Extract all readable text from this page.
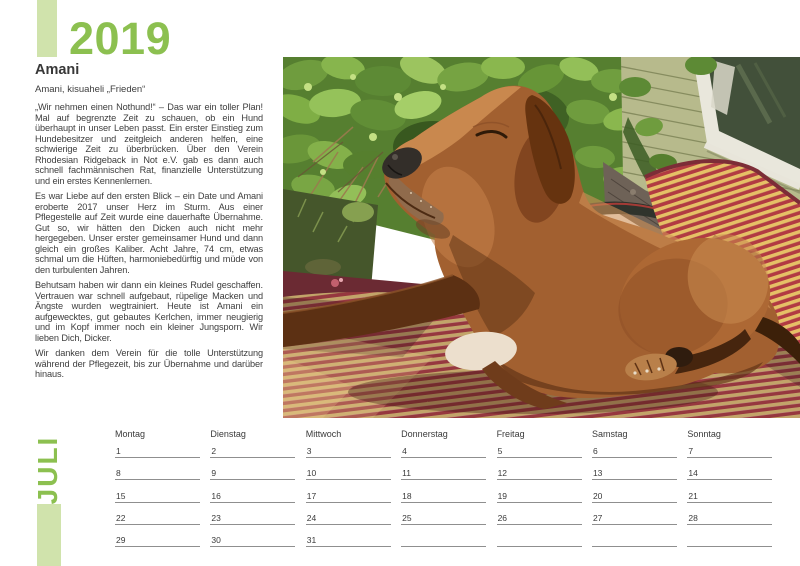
2019
Amani
Amani, kisuaheli „Frieden“

„Wir nehmen einen Nothund!“ – Das war ein toller Plan! Mal auf begrenzte Zeit zu schauen, ob ein Hund überhaupt in unser Leben passt. Ein erster Einstieg zum Hundebesitzer und zeitgleich anderen helfen, eine schwierige Zeit zu überbrücken. Über den Verein Rhodesian Ridgeback in Not e.V. gab es dann auch schnell fachmännischen Rat, finanzielle Unterstützung und ein erstes Kennenlernen.

Es war Liebe auf den ersten Blick – ein Date und Amani eroberte 2017 unser Herz im Sturm. Aus einer Pflegestelle auf Zeit wurde eine dauerhafte Übernahme. Gut so, wir hätten den Dicken auch nicht mehr hergegeben. Unser erster gemeinsamer Hund und dann gleich ein großes Kaliber. Acht Jahre, 74 cm, etwas schmal um die Hüften, harmoniebedürftig und müde von den turbulenten Jahren.

Behutsam haben wir dann ein kleines Rudel geschaffen. Vertrauen war schnell aufgebaut, rüpelige Macken und Ängste wurden wegtrainiert. Heute ist Amani ein aufgewecktes, gut gebautes Kerlchen, immer neugierig und im Kopf immer noch ein kleiner Jungsporn. Wir lieben Dich, Dicker.

Wir danken dem Verein für die tolle Unterstützung während der Pflegezeit, bis zur Übernahme und darüber hinaus.

Montag
1
8
15
22
29
Dienstag
2
9
16
23
30
Mittwoch
3
10
17
24
31
Donnerstag
4
11
18
25
Freitag
5
12
19
26
Samstag
6
13
20
27
Sonntag
7
14
21
28
JULI
